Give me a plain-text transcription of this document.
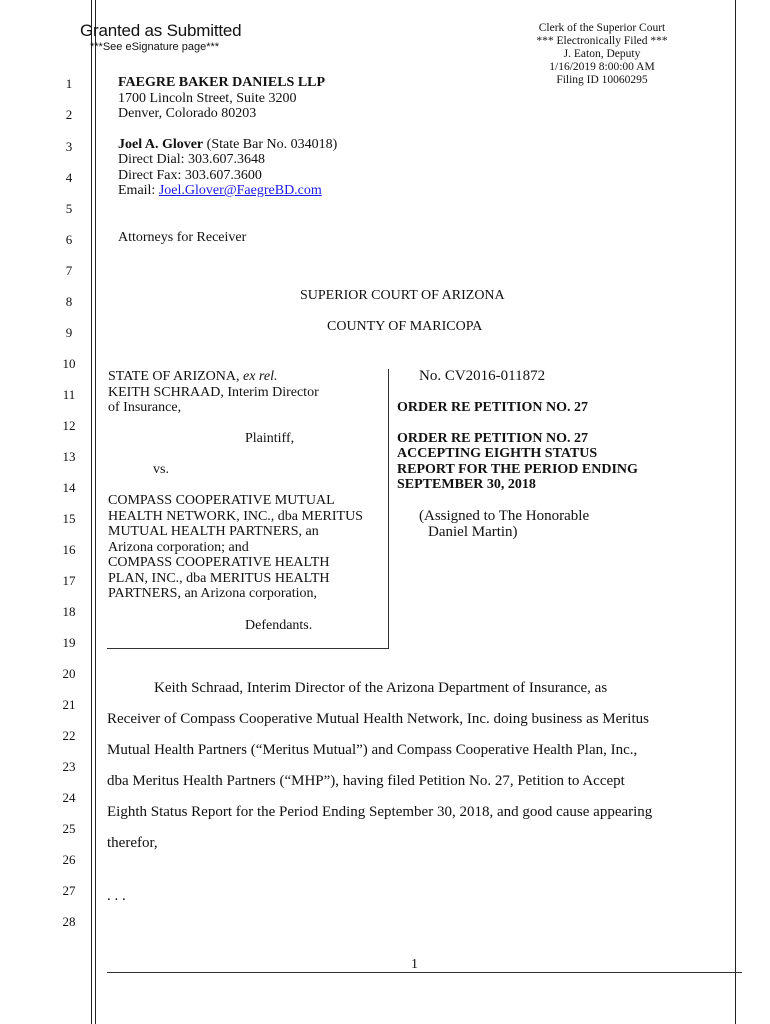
Granted as Submitted
***See eSignature page***
Clerk of the Superior Court
*** Electronically Filed ***
J. Eaton, Deputy
1/16/2019 8:00:00 AM
Filing ID 10060295
1
2
3
4
5
6
7
8
9
10
11
12
13
14
15
16
17
18
19
20
21
22
23
24
25
26
27
28
FAEGRE BAKER DANIELS LLP
1700 Lincoln Street, Suite 3200
Denver, Colorado 80203
Joel A. Glover (State Bar No. 034018)
Direct Dial: 303.607.3648
Direct Fax: 303.607.3600
Email: Joel.Glover@FaegreBD.com
Attorneys for Receiver
SUPERIOR COURT OF ARIZONA
COUNTY OF MARICOPA
STATE OF ARIZONA, ex rel.
KEITH SCHRAAD, Interim Director
of Insurance,
Plaintiff,
vs.
COMPASS COOPERATIVE MUTUAL
HEALTH NETWORK, INC., dba MERITUS
MUTUAL HEALTH PARTNERS, an
Arizona corporation; and
COMPASS COOPERATIVE HEALTH
PLAN, INC., dba MERITUS HEALTH
PARTNERS, an Arizona corporation,
Defendants.
No. CV2016-011872
ORDER RE PETITION NO. 27
ORDER RE PETITION NO. 27
ACCEPTING EIGHTH STATUS
REPORT FOR THE PERIOD ENDING
SEPTEMBER 30, 2018
(Assigned to The Honorable
Daniel Martin)
Keith Schraad, Interim Director of the Arizona Department of Insurance, as
Receiver of Compass Cooperative Mutual Health Network, Inc. doing business as Meritus
Mutual Health Partners (“Meritus Mutual”) and Compass Cooperative Health Plan, Inc.,
dba Meritus Health Partners (“MHP”), having filed Petition No. 27, Petition to Accept
Eighth Status Report for the Period Ending September 30, 2018, and good cause appearing
therefor,
. . .
1
